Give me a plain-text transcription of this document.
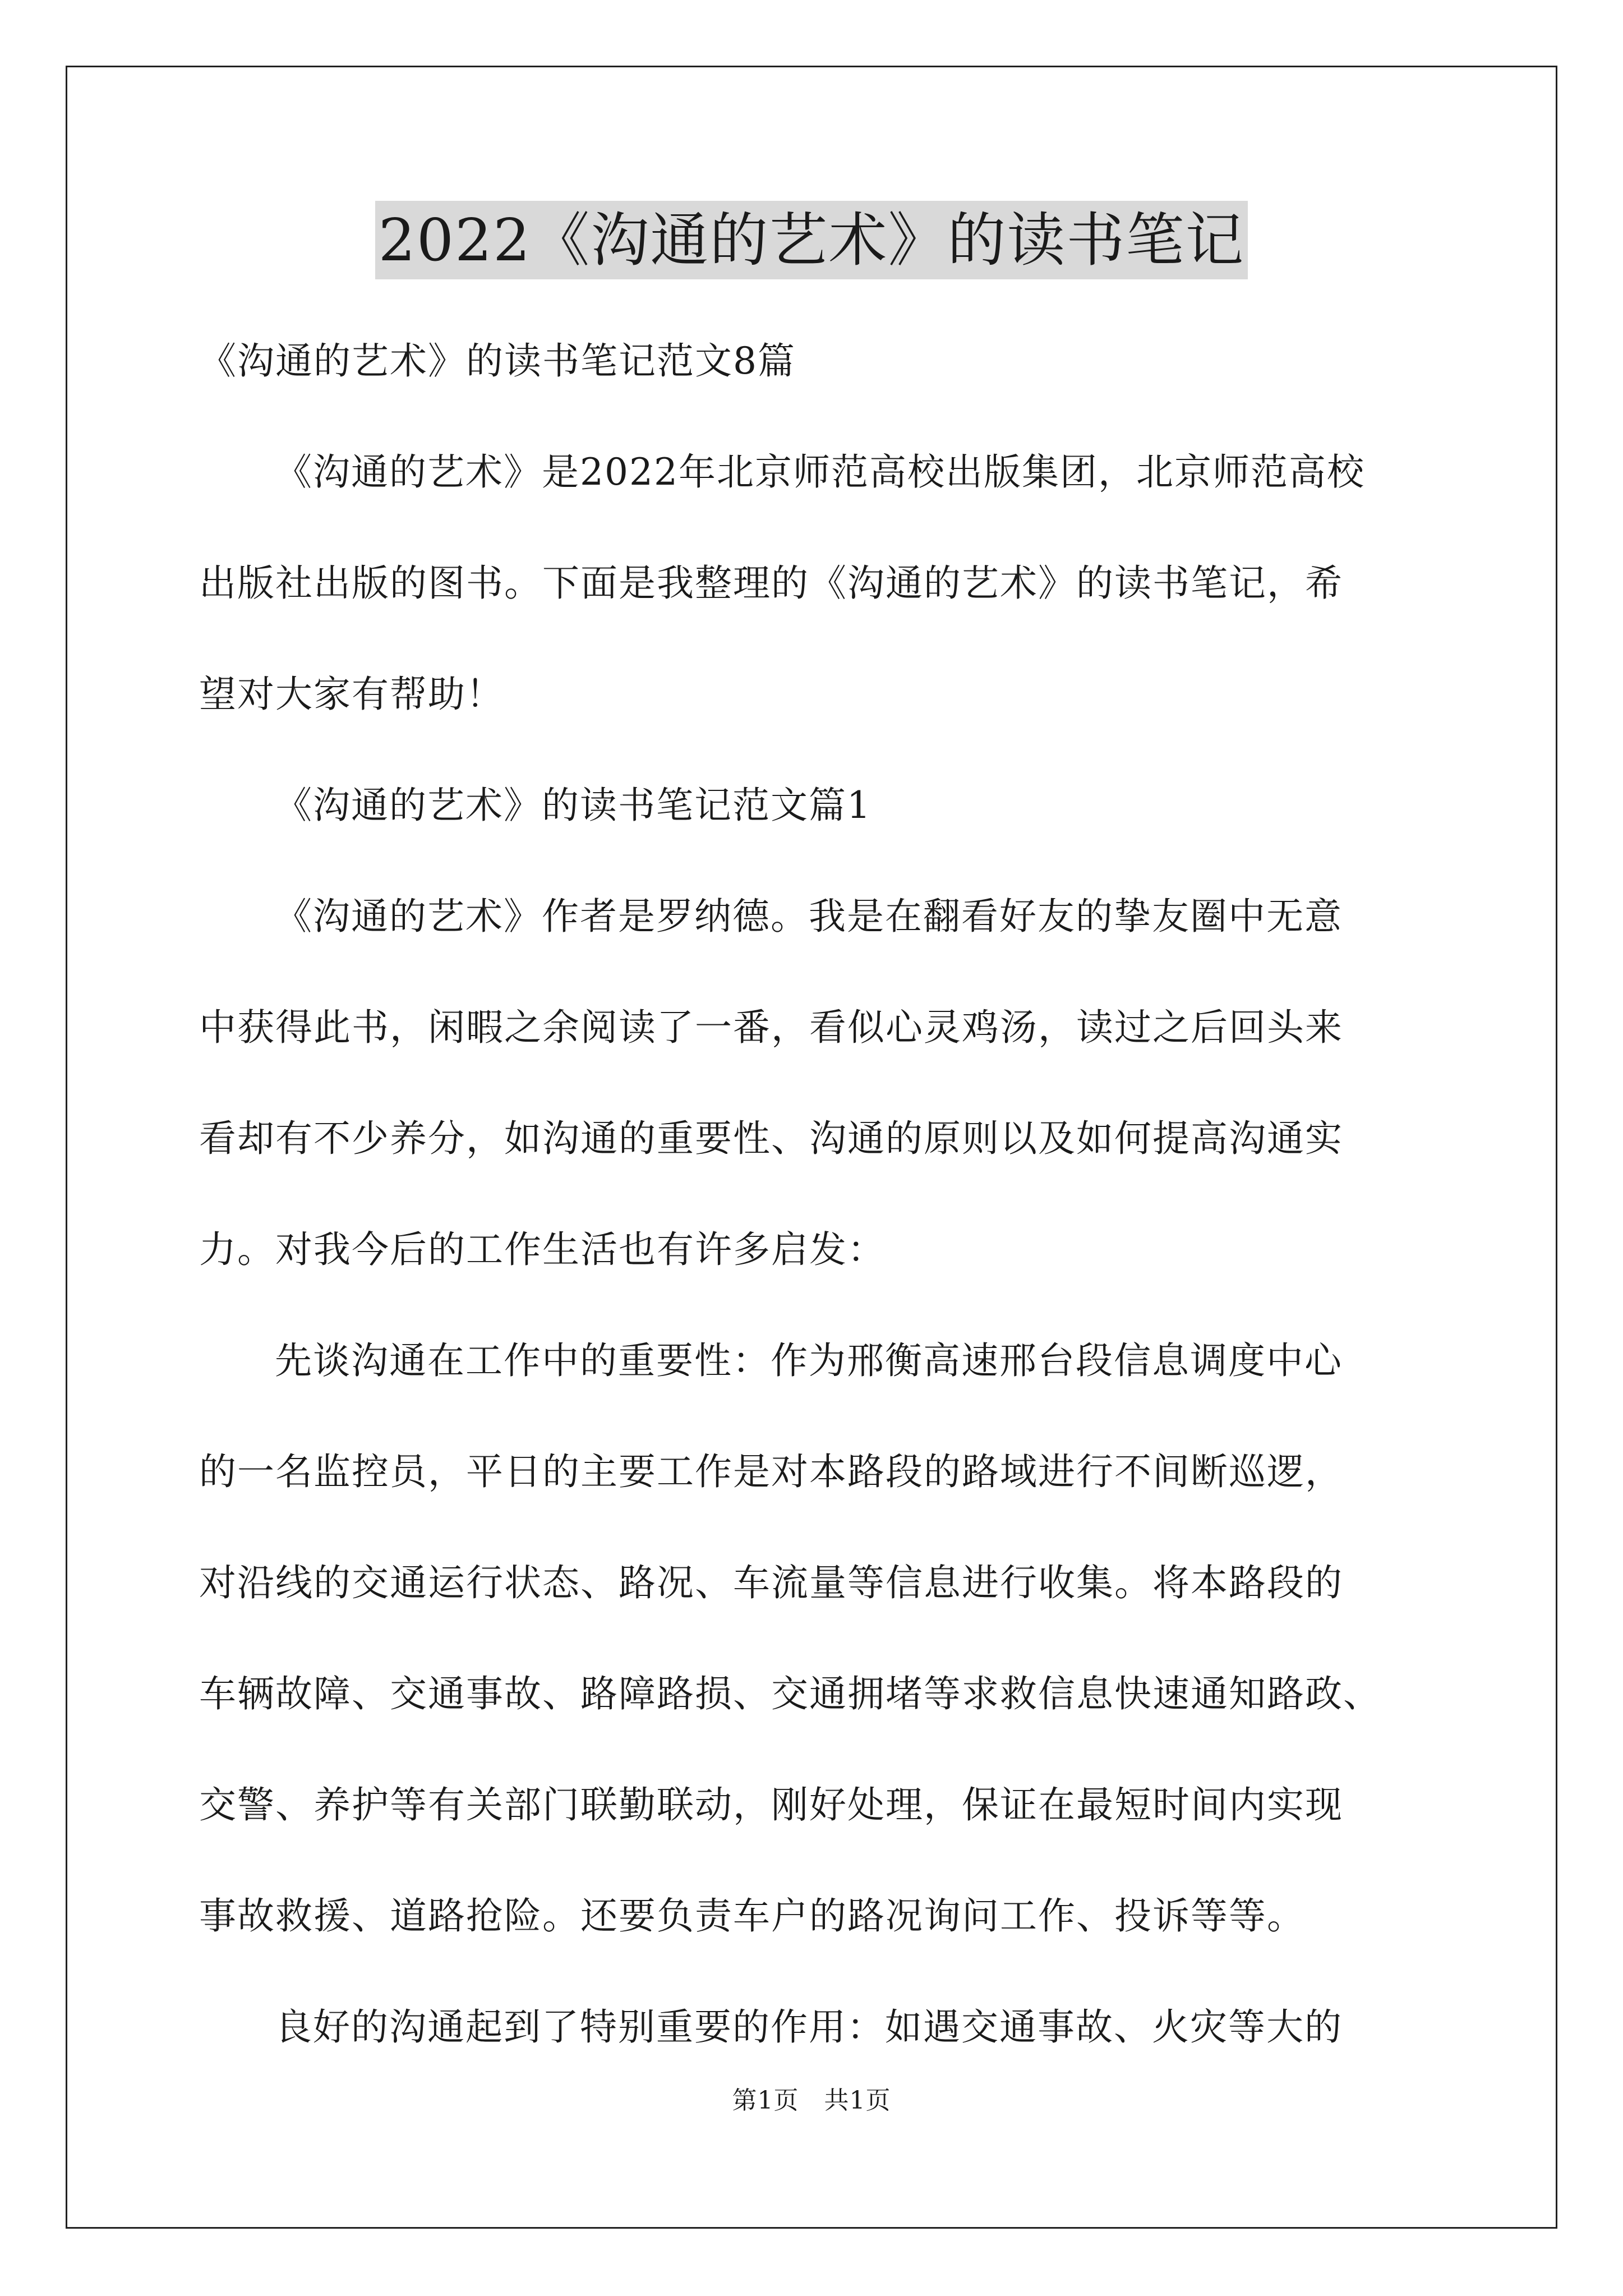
2022《沟通的艺术》的读书笔记
《沟通的艺术》的读书笔记范文8篇
《沟通的艺术》是2022年北京师范高校出版集团，北京师范高校
出版社出版的图书。下面是我整理的《沟通的艺术》的读书笔记，希
望对大家有帮助！
《沟通的艺术》的读书笔记范文篇1
《沟通的艺术》作者是罗纳德。我是在翻看好友的挚友圈中无意
中获得此书，闲暇之余阅读了一番，看似心灵鸡汤，读过之后回头来
看却有不少养分，如沟通的重要性、沟通的原则以及如何提高沟通实
力。对我今后的工作生活也有许多启发：
先谈沟通在工作中的重要性：作为邢衡高速邢台段信息调度中心
的一名监控员，平日的主要工作是对本路段的路域进行不间断巡逻，
对沿线的交通运行状态、路况、车流量等信息进行收集。将本路段的
车辆故障、交通事故、路障路损、交通拥堵等求救信息快速通知路政、
交警、养护等有关部门联勤联动，刚好处理，保证在最短时间内实现
事故救援、道路抢险。还要负责车户的路况询问工作、投诉等等。
良好的沟通起到了特别重要的作用：如遇交通事故、火灾等大的
第1页　共1页
